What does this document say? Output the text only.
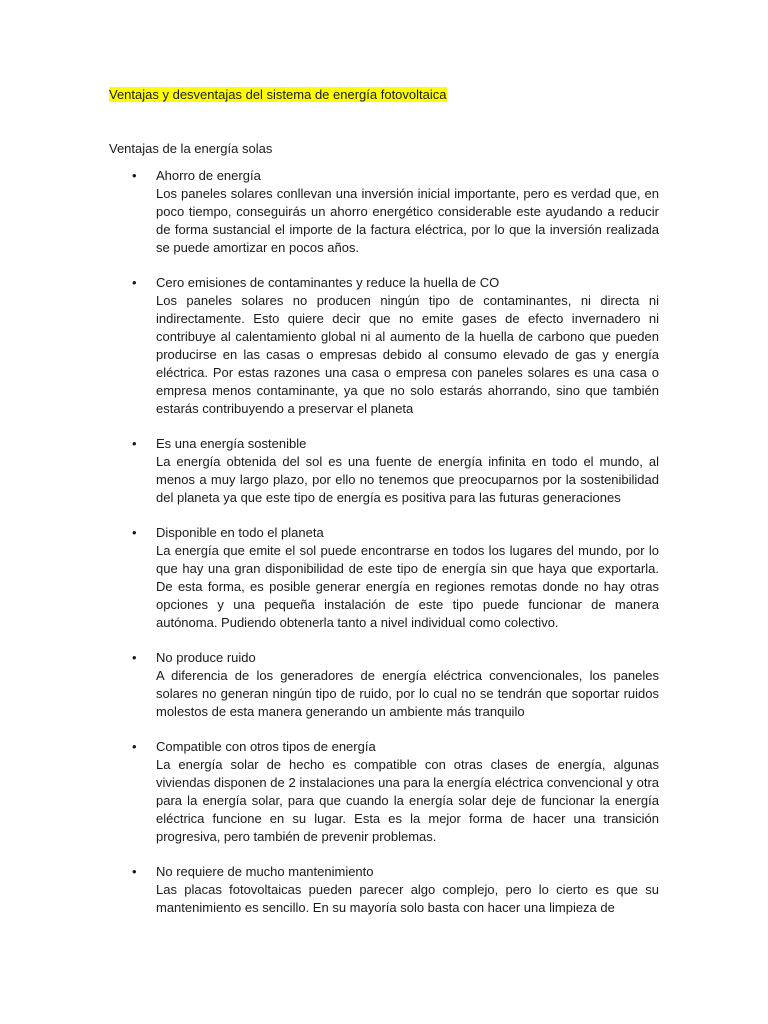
Ventajas y desventajas del sistema de energía fotovoltaica
Ventajas de la energía solas
• Ahorro de energía
Los paneles solares conllevan una inversión inicial importante, pero es verdad que, en poco tiempo, conseguirás un ahorro energético considerable este ayudando a reducir de forma sustancial el importe de la factura eléctrica, por lo que la inversión realizada se puede amortizar en pocos años.
• Cero emisiones de contaminantes y reduce la huella de CO
Los paneles solares no producen ningún tipo de contaminantes, ni directa ni indirectamente. Esto quiere decir que no emite gases de efecto invernadero ni contribuye al calentamiento global ni al aumento de la huella de carbono que pueden producirse en las casas o empresas debido al consumo elevado de gas y energía eléctrica. Por estas razones una casa o empresa con paneles solares es una casa o empresa menos contaminante, ya que no solo estarás ahorrando, sino que también estarás contribuyendo a preservar el planeta
• Es una energía sostenible
La energía obtenida del sol es una fuente de energía infinita en todo el mundo, al menos a muy largo plazo, por ello no tenemos que preocuparnos por la sostenibilidad del planeta ya que este tipo de energía es positiva para las futuras generaciones
• Disponible en todo el planeta
La energía que emite el sol puede encontrarse en todos los lugares del mundo, por lo que hay una gran disponibilidad de este tipo de energía sin que haya que exportarla. De esta forma, es posible generar energía en regiones remotas donde no hay otras opciones y una pequeña instalación de este tipo puede funcionar de manera autónoma. Pudiendo obtenerla tanto a nivel individual como colectivo.
• No produce ruido
A diferencia de los generadores de energía eléctrica convencionales, los paneles solares no generan ningún tipo de ruido, por lo cual no se tendrán que soportar ruidos molestos de esta manera generando un ambiente más tranquilo
• Compatible con otros tipos de energía
La energía solar de hecho es compatible con otras clases de energía, algunas viviendas disponen de 2 instalaciones una para la energía eléctrica convencional y otra para la energía solar, para que cuando la energía solar deje de funcionar la energía eléctrica funcione en su lugar. Esta es la mejor forma de hacer una transición progresiva, pero también de prevenir problemas.
• No requiere de mucho mantenimiento
Las placas fotovoltaicas pueden parecer algo complejo, pero lo cierto es que su mantenimiento es sencillo. En su mayoría solo basta con hacer una limpieza de
